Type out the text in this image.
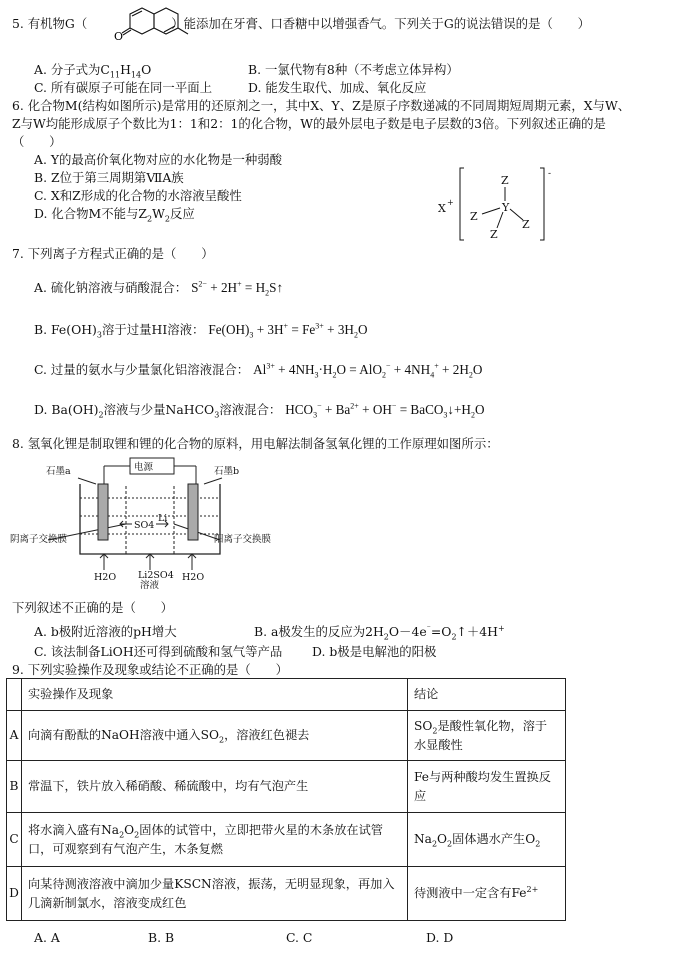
5. 有机物G（	）能添加在牙膏、口香糖中以增强香气。下列关于G的说法错误的是（　　）
O
A. 分子式为$C_{11}H_{14}O$	B. 一氯代物有8种（不考虑立体异构）
C. 所有碳原子可能在同一平面上	D. 能发生取代、加成、氧化反应
6. 化合物M(结构如图所示)是常用的还原剂之一，其中X、Y、Z是原子序数递减的不同周期短周期元素，X与W、
Z与W均能形成原子个数比为1：1和2：1的化合物，W的最外层电子数是电子层数的3倍。下列叙述正确的是
（　　）
A. Y的最高价氧化物对应的水化物是一种弱酸
B. Z位于第三周期第ⅦA族
C. X和Z形成的化合物的水溶液呈酸性
D. 化合物M不能与$Z_2W_2$反应	X +
Z
Y
Z
Z
Z
-
7. 下列离子方程式正确的是（　　）
A. 硫化钠溶液与硝酸混合： $S^{2-} + 2H^+$ = $H_2S↑$
B. $Fe(OH)_3$溶于过量HI溶液： $Fe(OH)_3 + 3H^+ = Fe^{3+} + 3H_2O$
C. 过量的氨水与少量氯化铝溶液混合： $Al^{3+} + 4NH_3\cdot H_2O = AlO_2^- + 4NH_4^+ + 2H_2O$
D. $Ba(OH)_2$溶液与少量NaHCO$_3$溶液混合： $HCO_3^- + Ba^{2+} + OH^-$ = $BaCO_3↓+H_2O$
8. 氢氧化锂是制取锂和锂的化合物的原料，用电解法制备氢氧化锂的工作原理如图所示：
电源
石墨a	石墨b
阴离子交换膜	阳离子交换膜
SO4
Li
H2O Li2SO4
溶液
H2O
下列叙述不正确的是（　　）
A. b极附近溶液的pH增大	B. a极发生的反应为$2H_2O-4e^{^-}=O_2↑+4H^+$
C. 该法制备LiOH还可得到硫酸和氢气等产品 D. b极是电解池的阳极
9. 下列实验操作及现象或结论不正确的是（　　）
	实验操作及现象	结论
A	向滴有酚酞的NaOH溶液中通入$SO_2$，溶液红色褪去	$SO_2$是酸性氧化物，溶于水显酸性
B	常温下，铁片放入稀硝酸、稀硫酸中，均有气泡产生	Fe与两种酸均发生置换反应
C	将水滴入盛有$Na_2O_2$固体的试管中，立即把带火星的木条放在试管口，可观察到有气泡产生，木条复燃	$Na_2O_2$固体遇水产生$O_2$
D	向某待测液溶液中滴加少量KSCN溶液，振荡，无明显现象，再加入几滴新制氯水，溶液变成红色	待测液中一定含有$Fe^{2+}$
A. A	B. B	C. C	D. D
